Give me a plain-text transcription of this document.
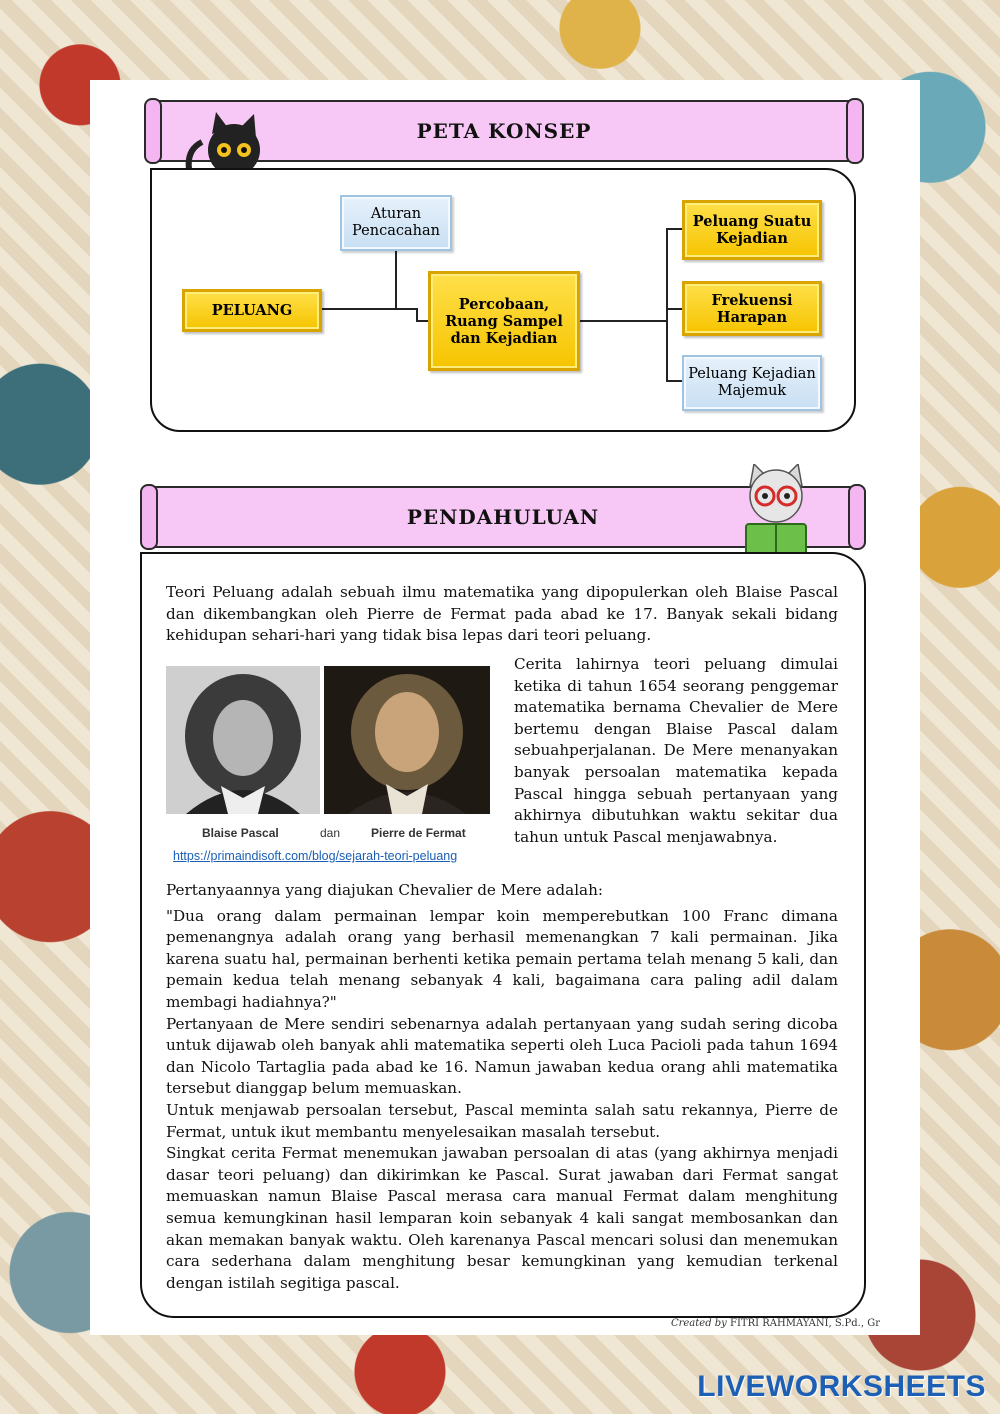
PETA KONSEP
PELUANG
Aturan Pencacahan
Percobaan, Ruang Sampel dan Kejadian
Peluang Suatu Kejadian
Frekuensi Harapan
Peluang Kejadian Majemuk
PENDAHULUAN

Teori Peluang adalah sebuah ilmu matematika yang dipopulerkan oleh Blaise Pascal dan dikembangkan oleh Pierre de Fermat pada abad ke 17. Banyak sekali bidang kehidupan sehari-hari yang tidak bisa lepas dari teori peluang.

Blaise Pascal	dan	Pierre de Fermat
https://primaindisoft.com/blog/sejarah-teori-peluang

Cerita lahirnya teori peluang dimulai ketika di tahun 1654 seorang penggemar matematika bernama Chevalier de Mere bertemu dengan Blaise Pascal dalam sebuahperjalanan. De Mere menanyakan banyak persoalan matematika kepada Pascal hingga sebuah pertanyaan yang akhirnya dibutuhkan waktu sekitar dua tahun untuk Pascal menjawabnya.

Pertanyaannya yang diajukan Chevalier de Mere adalah:

"Dua orang dalam permainan lempar koin memperebutkan 100 Franc dimana pemenangnya adalah orang yang berhasil memenangkan 7 kali permainan. Jika karena suatu hal, permainan berhenti ketika pemain pertama telah menang 5 kali, dan pemain kedua telah menang sebanyak 4 kali, bagaimana cara paling adil dalam membagi hadiahnya?"

Pertanyaan de Mere sendiri sebenarnya adalah pertanyaan yang sudah sering dicoba untuk dijawab oleh banyak ahli matematika seperti oleh Luca Pacioli pada tahun 1694 dan Nicolo Tartaglia pada abad ke 16. Namun jawaban kedua orang ahli matematika tersebut dianggap belum memuaskan.

Untuk menjawab persoalan tersebut, Pascal meminta salah satu rekannya, Pierre de Fermat, untuk ikut membantu menyelesaikan masalah tersebut.

Singkat cerita Fermat menemukan jawaban persoalan di atas (yang akhirnya menjadi dasar teori peluang) dan dikirimkan ke Pascal. Surat jawaban dari Fermat sangat memuaskan namun Blaise Pascal merasa cara manual Fermat dalam menghitung semua kemungkinan hasil lemparan koin sebanyak 4 kali sangat membosankan dan akan memakan banyak waktu. Oleh karenanya Pascal mencari solusi dan menemukan cara sederhana dalam menghitung besar kemungkinan yang kemudian terkenal dengan istilah segitiga pascal.

Created by FITRI RAHMAYANI, S.Pd., Gr
LIVEWORKSHEETS
